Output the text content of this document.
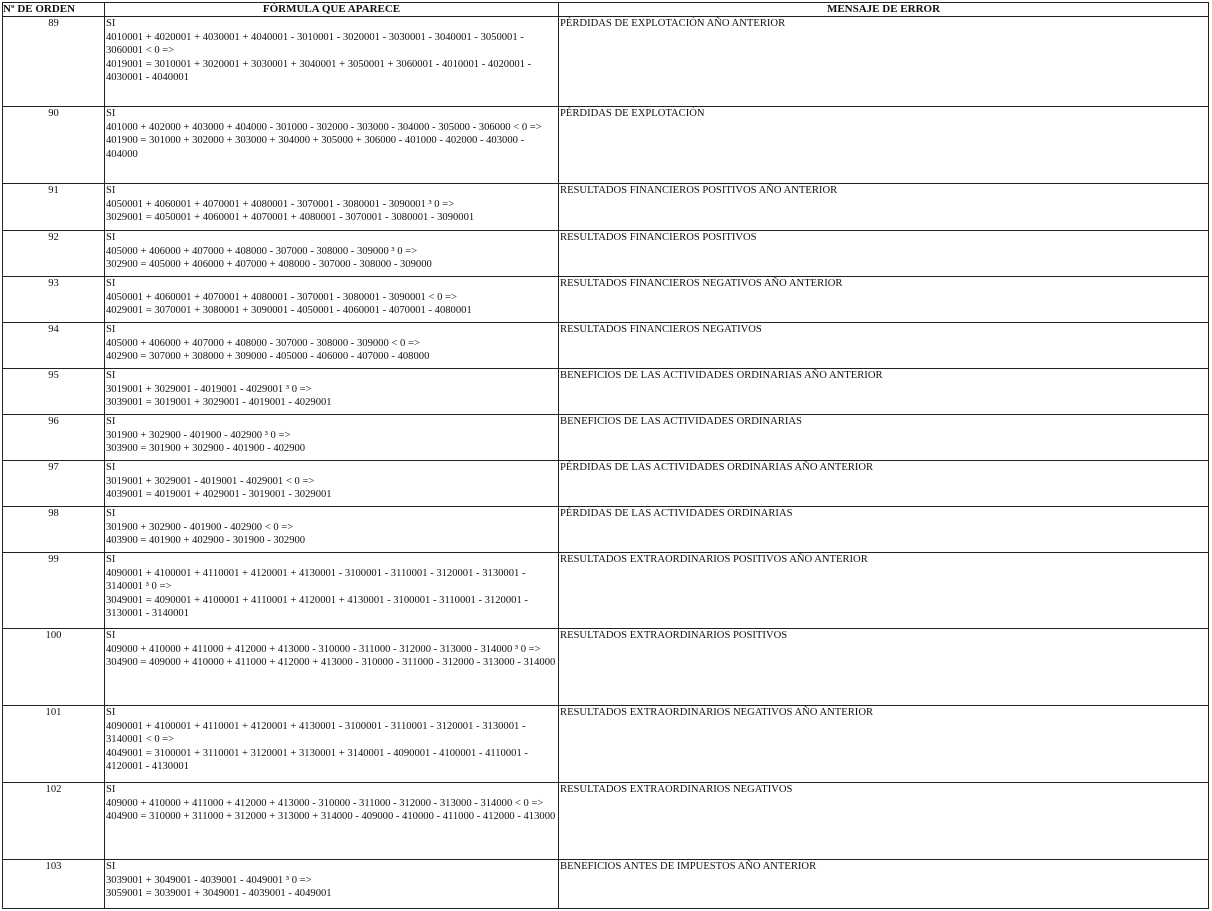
Nº DE ORDEN	FÓRMULA QUE APARECE	MENSAJE DE ERROR
89	SI
4010001 + 4020001 + 4030001 + 4040001 - 3010001 - 3020001 - 3030001 - 3040001 - 3050001 - 3060001 < 0 =>
4019001 = 3010001 + 3020001 + 3030001 + 3040001 + 3050001 + 3060001 - 4010001 - 4020001 - 4030001 - 4040001	PÉRDIDAS DE EXPLOTACIÓN AÑO ANTERIOR
90	SI
401000 + 402000 + 403000 + 404000 - 301000 - 302000 - 303000 - 304000 - 305000 - 306000 < 0 =>
401900 = 301000 + 302000 + 303000 + 304000 + 305000 + 306000 - 401000 - 402000 - 403000 - 404000	PÉRDIDAS DE EXPLOTACIÓN
91	SI
4050001 + 4060001 + 4070001 + 4080001 - 3070001 - 3080001 - 3090001 ³ 0 =>
3029001 = 4050001 + 4060001 + 4070001 + 4080001 - 3070001 - 3080001 - 3090001	RESULTADOS FINANCIEROS POSITIVOS AÑO ANTERIOR
92	SI
405000 + 406000 + 407000 + 408000 - 307000 - 308000 - 309000 ³ 0 =>
302900 = 405000 + 406000 + 407000 + 408000 - 307000 - 308000 - 309000	RESULTADOS FINANCIEROS POSITIVOS
93	SI
4050001 + 4060001 + 4070001 + 4080001 - 3070001 - 3080001 - 3090001 < 0 =>
4029001 = 3070001 + 3080001 + 3090001 - 4050001 - 4060001 - 4070001 - 4080001	RESULTADOS FINANCIEROS NEGATIVOS AÑO ANTERIOR
94	SI
405000 + 406000 + 407000 + 408000 - 307000 - 308000 - 309000 < 0 =>
402900 = 307000 + 308000 + 309000 - 405000 - 406000 - 407000 - 408000	RESULTADOS FINANCIEROS NEGATIVOS
95	SI
3019001 + 3029001 - 4019001 - 4029001 ³ 0 =>
3039001 = 3019001 + 3029001 - 4019001 - 4029001	BENEFICIOS DE LAS ACTIVIDADES ORDINARIAS AÑO ANTERIOR
96	SI
301900 + 302900 - 401900 - 402900 ³ 0 =>
303900 = 301900 + 302900 - 401900 - 402900	BENEFICIOS DE LAS ACTIVIDADES ORDINARIAS
97	SI
3019001 + 3029001 - 4019001 - 4029001 < 0 =>
4039001 = 4019001 + 4029001 - 3019001 - 3029001	PÉRDIDAS DE LAS ACTIVIDADES ORDINARIAS AÑO ANTERIOR
98	SI
301900 + 302900 - 401900 - 402900 < 0 =>
403900 = 401900 + 402900 - 301900 - 302900	PÉRDIDAS DE LAS ACTIVIDADES ORDINARIAS
99	SI
4090001 + 4100001 + 4110001 + 4120001 + 4130001 - 3100001 - 3110001 - 3120001 - 3130001 - 3140001 ³ 0 =>
3049001 = 4090001 + 4100001 + 4110001 + 4120001 + 4130001 - 3100001 - 3110001 - 3120001 - 3130001 - 3140001	RESULTADOS EXTRAORDINARIOS POSITIVOS AÑO ANTERIOR
100	SI
409000 + 410000 + 411000 + 412000 + 413000 - 310000 - 311000 - 312000 - 313000 - 314000 ³ 0 =>
304900 = 409000 + 410000 + 411000 + 412000 + 413000 - 310000 - 311000 - 312000 - 313000 - 314000	RESULTADOS EXTRAORDINARIOS POSITIVOS
101	SI
4090001 + 4100001 + 4110001 + 4120001 + 4130001 - 3100001 - 3110001 - 3120001 - 3130001 - 3140001 < 0 =>
4049001 = 3100001 + 3110001 + 3120001 + 3130001 + 3140001 - 4090001 - 4100001 - 4110001 - 4120001 - 4130001	RESULTADOS EXTRAORDINARIOS NEGATIVOS AÑO ANTERIOR
102	SI
409000 + 410000 + 411000 + 412000 + 413000 - 310000 - 311000 - 312000 - 313000 - 314000 < 0 =>
404900 = 310000 + 311000 + 312000 + 313000 + 314000 - 409000 - 410000 - 411000 - 412000 - 413000	RESULTADOS EXTRAORDINARIOS NEGATIVOS
103	SI
3039001 + 3049001 - 4039001 - 4049001 ³ 0 =>
3059001 = 3039001 + 3049001 - 4039001 - 4049001	BENEFICIOS ANTES DE IMPUESTOS AÑO ANTERIOR
